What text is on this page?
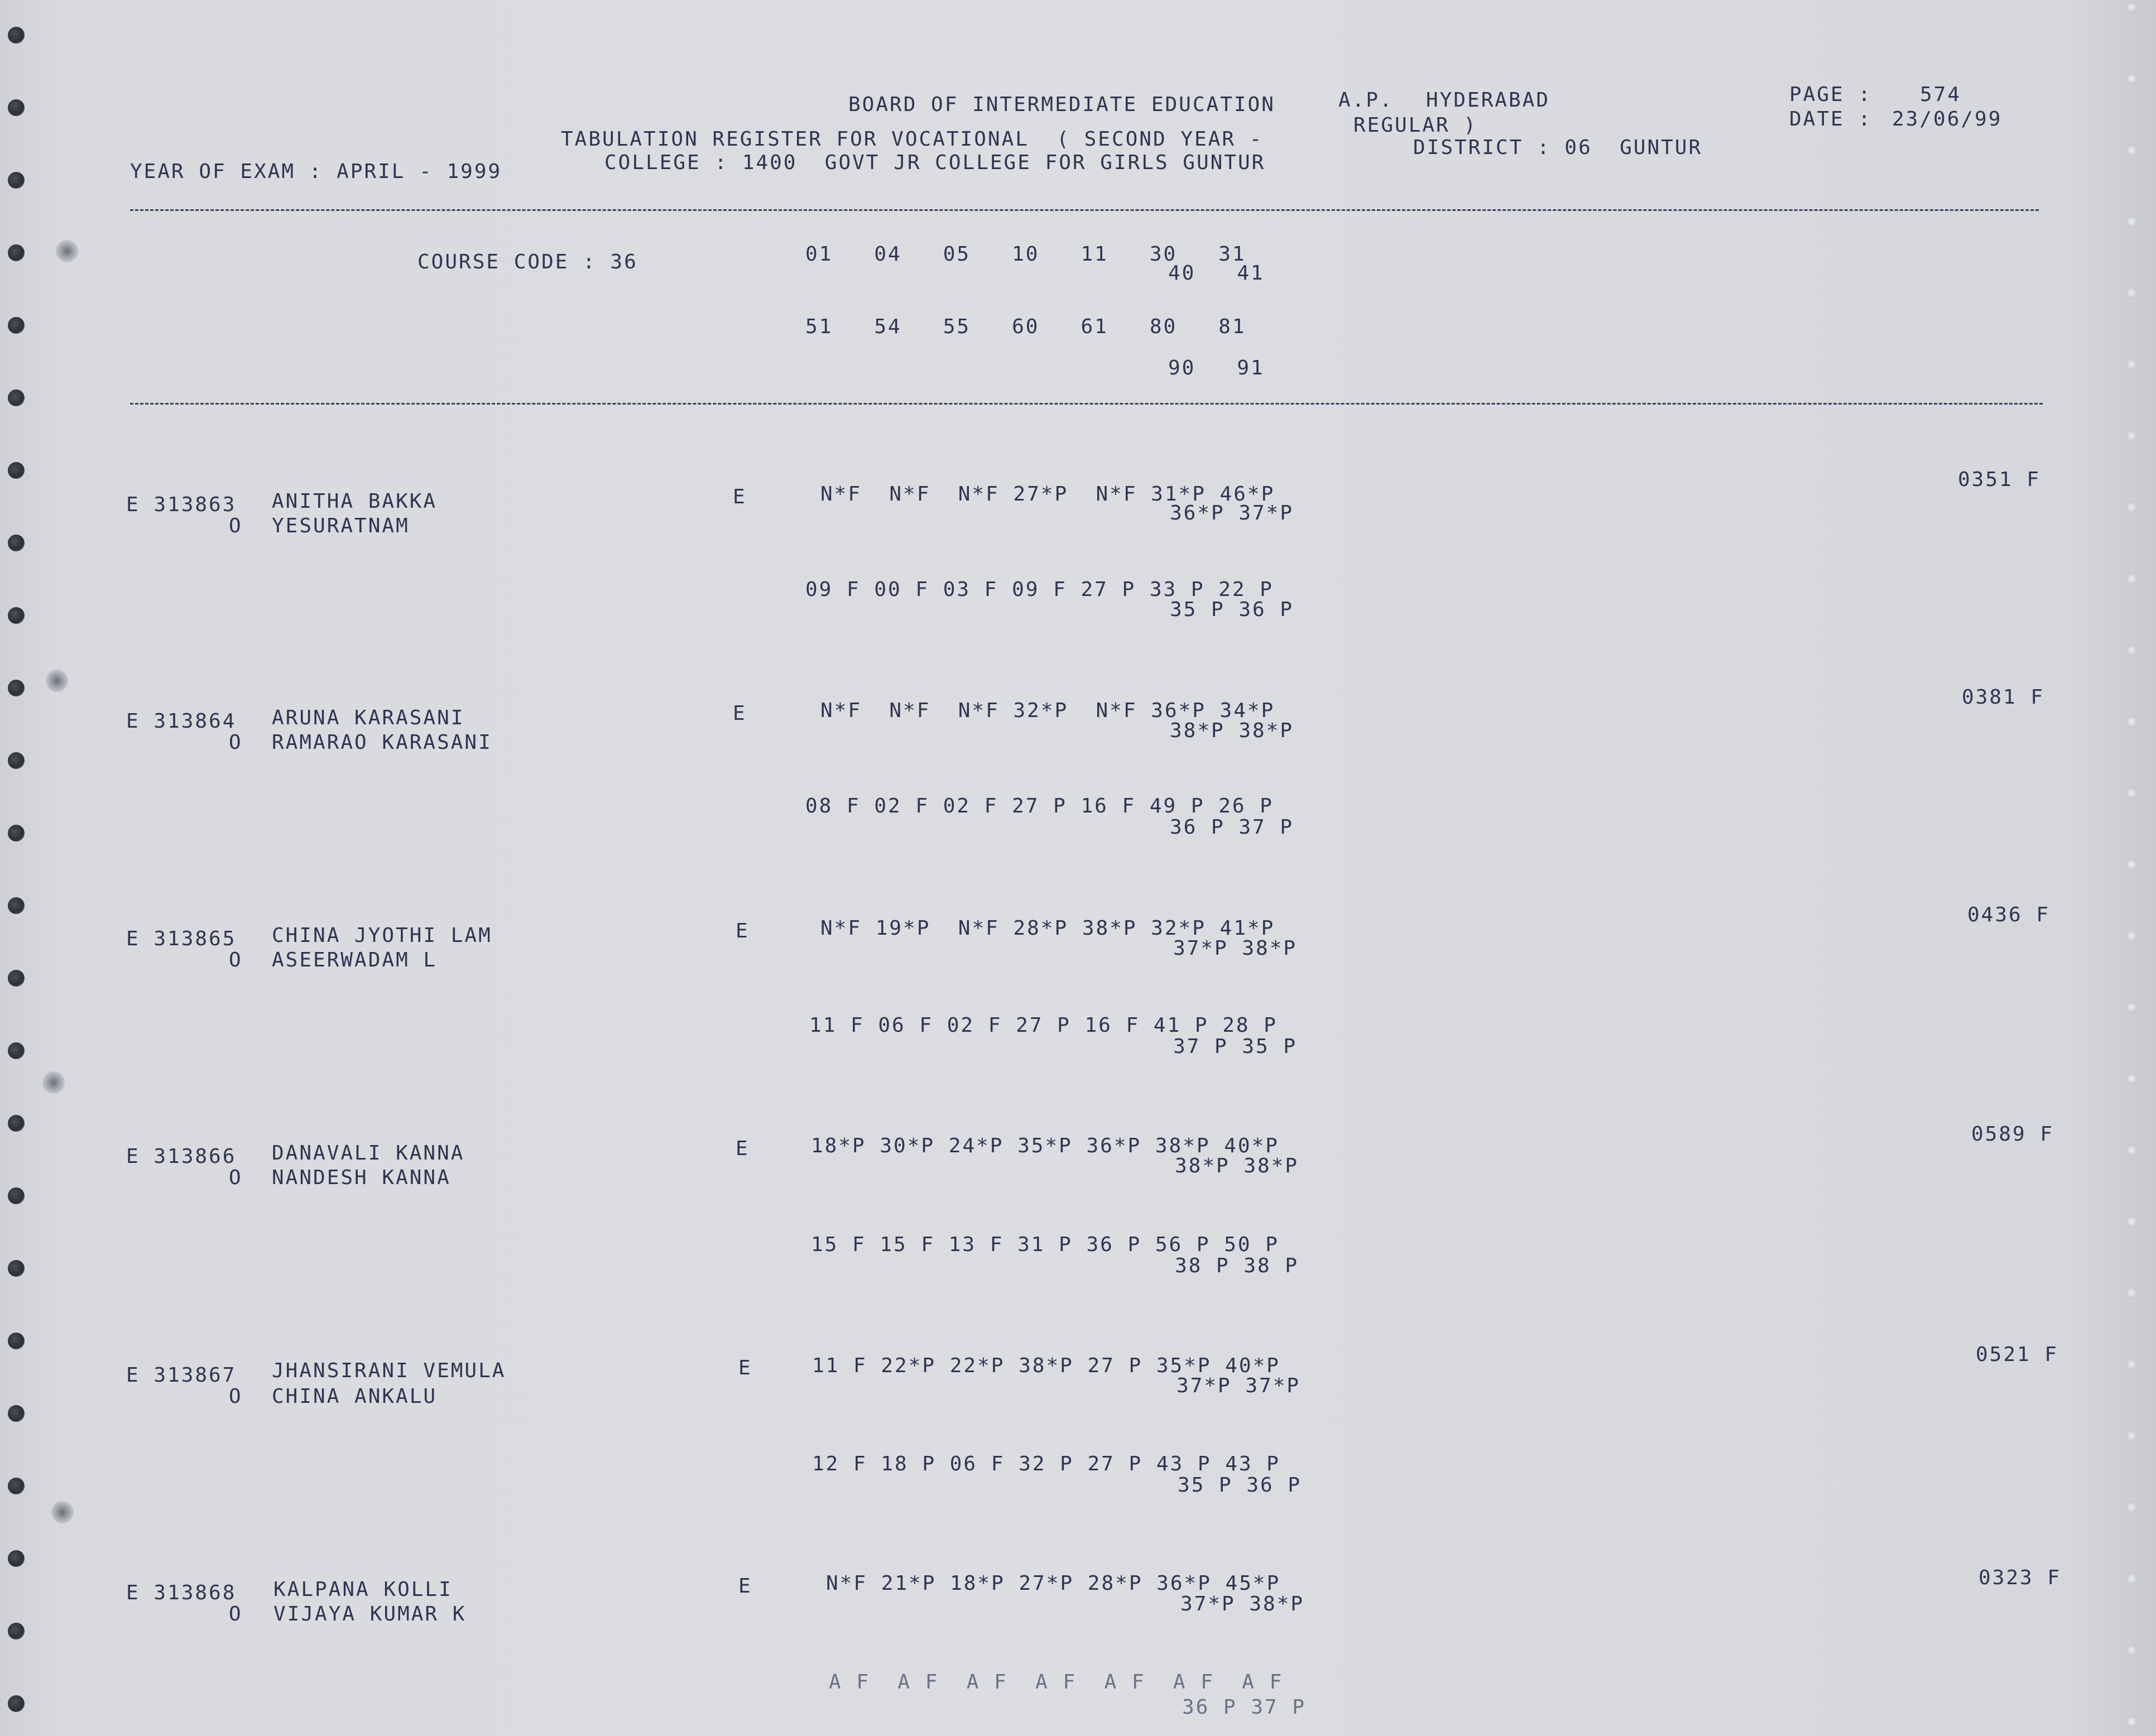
BOARD OF INTERMEDIATE EDUCATION	A.P. HYDERABAD	PAGE : 574
TABULATION REGISTER FOR VOCATIONAL  ( SECOND YEAR -
REGULAR )	DATE : 23/06/99
YEAR OF EXAM : APRIL - 1999	COLLEGE : 1400  GOVT JR COLLEGE FOR GIRLS GUNTUR
DISTRICT : 06  GUNTUR
COURSE CODE : 36	01   04   05   10   11   30   31
40   41
51   54   55   60   61   80   81
90   91
E 313863 ANITHA BAKKA
O YESURATNAM
E	N*F  N*F  N*F 27*P  N*F 31*P 46*P
36*P 37*P
09 F 00 F 03 F 09 F 27 P 33 P 22 P
35 P 36 P
0351 F
E 313864 ARUNA KARASANI
O RAMARAO KARASANI
E	N*F  N*F  N*F 32*P  N*F 36*P 34*P
38*P 38*P
08 F 02 F 02 F 27 P 16 F 49 P 26 P
36 P 37 P
0381 F
E 313865 CHINA JYOTHI LAM
O ASEERWADAM L
E	N*F 19*P  N*F 28*P 38*P 32*P 41*P
37*P 38*P
11 F 06 F 02 F 27 P 16 F 41 P 28 P
37 P 35 P
0436 F
E 313866 DANAVALI KANNA
O NANDESH KANNA
E	18*P 30*P 24*P 35*P 36*P 38*P 40*P
38*P 38*P
15 F 15 F 13 F 31 P 36 P 56 P 50 P
38 P 38 P
0589 F
E 313867 JHANSIRANI VEMULA
O CHINA ANKALU
E	11 F 22*P 22*P 38*P 27 P 35*P 40*P
37*P 37*P
12 F 18 P 06 F 32 P 27 P 43 P 43 P
35 P 36 P
0521 F
E 313868 KALPANA KOLLI
O VIJAYA KUMAR K
E	N*F 21*P 18*P 27*P 28*P 36*P 45*P
37*P 38*P
A F  A F  A F  A F  A F  A F  A F
36 P 37 P
0323 F
